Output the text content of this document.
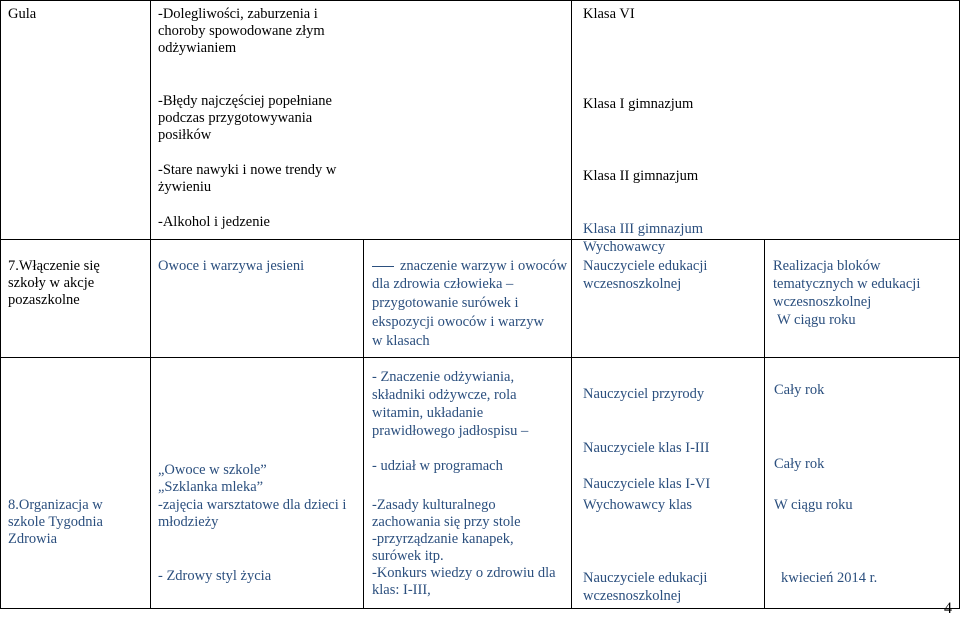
Gula	-Dolegliwości, zaburzenia i
choroby spowodowane złym
odżywianiem
-Błędy najczęściej popełniane
podczas przygotowywania
posiłków
-Stare nawyki i nowe trendy w
żywieniu
-Alkohol i jedzenie
Klasa VI
Klasa I gimnazjum
Klasa II gimnazjum
Klasa III gimnazjum
7.Włączenie się
szkoły w akcje
pozaszkolne
Owoce i warzywa jesieni	znaczenie warzyw i owoców
dla zdrowia człowieka –
przygotowanie surówek i
ekspozycji owoców i warzyw
w klasach
Wychowawcy
Nauczyciele edukacji
wczesnoszkolnej
Realizacja bloków
tematycznych w edukacji
wczesnoszkolnej
W ciągu roku
8.Organizacja w
szkole Tygodnia
Zdrowia
„Owoce w szkole”
„Szklanka mleka”
-zajęcia warsztatowe dla dzieci i
młodzieży
- Zdrowy styl życia
- Znaczenie odżywiania,
składniki odżywcze, rola
witamin, układanie
prawidłowego jadłospisu –
- udział w programach
-Zasady kulturalnego
zachowania się przy stole
-przyrządzanie kanapek,
surówek itp.
-Konkurs wiedzy o zdrowiu dla
klas: I-III,
Nauczyciel przyrody
Nauczyciele klas I-III
Nauczyciele klas I-VI
Wychowawcy klas
Nauczyciele edukacji
wczesnoszkolnej
Cały rok
Cały rok
W ciągu roku
kwiecień 2014 r.
4
